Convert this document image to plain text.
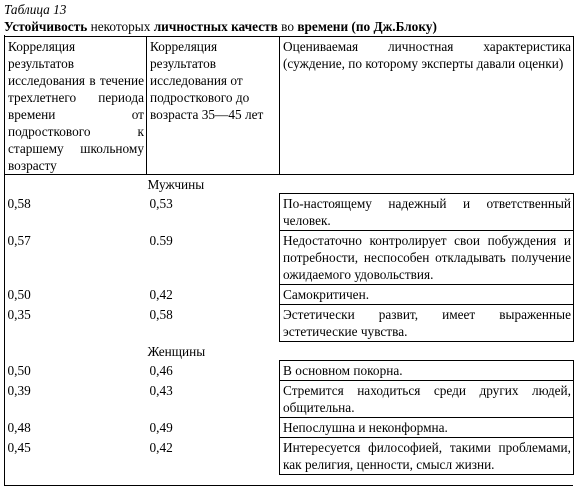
Таблица 13
Устойчивость некоторых личностных качеств во времени (по Дж.Блоку)
Корреляция результатов исследования в течение трехлетнего периода времени от подросткового к старшему школьному возрасту	Корреляция результатов исследования от подросткового до возраста 35—45 лет	Оцениваемая личностная характеристика (суждение, по которому эксперты давали оценки)
Мужчины		
0,58	0,53	По-настоящему надежный и ответственный человек.
0,57	0.59	Недостаточно контролирует свои побуждения и потребности, неспособен откладывать получение ожидаемого удовольствия.
0,50	0,42	Самокритичен.
0,35	0,58	Эстетически развит, имеет выраженные эстетические чувства.
Женщины		
0,50	0,46	В основном покорна.
0,39	0,43	Стремится находиться среди других людей, общительна.
0,48	0,49	Непослушна и неконформна.
0,45	0,42	Интересуется философией, такими проблемами, как религия, ценности, смысл жизни.
